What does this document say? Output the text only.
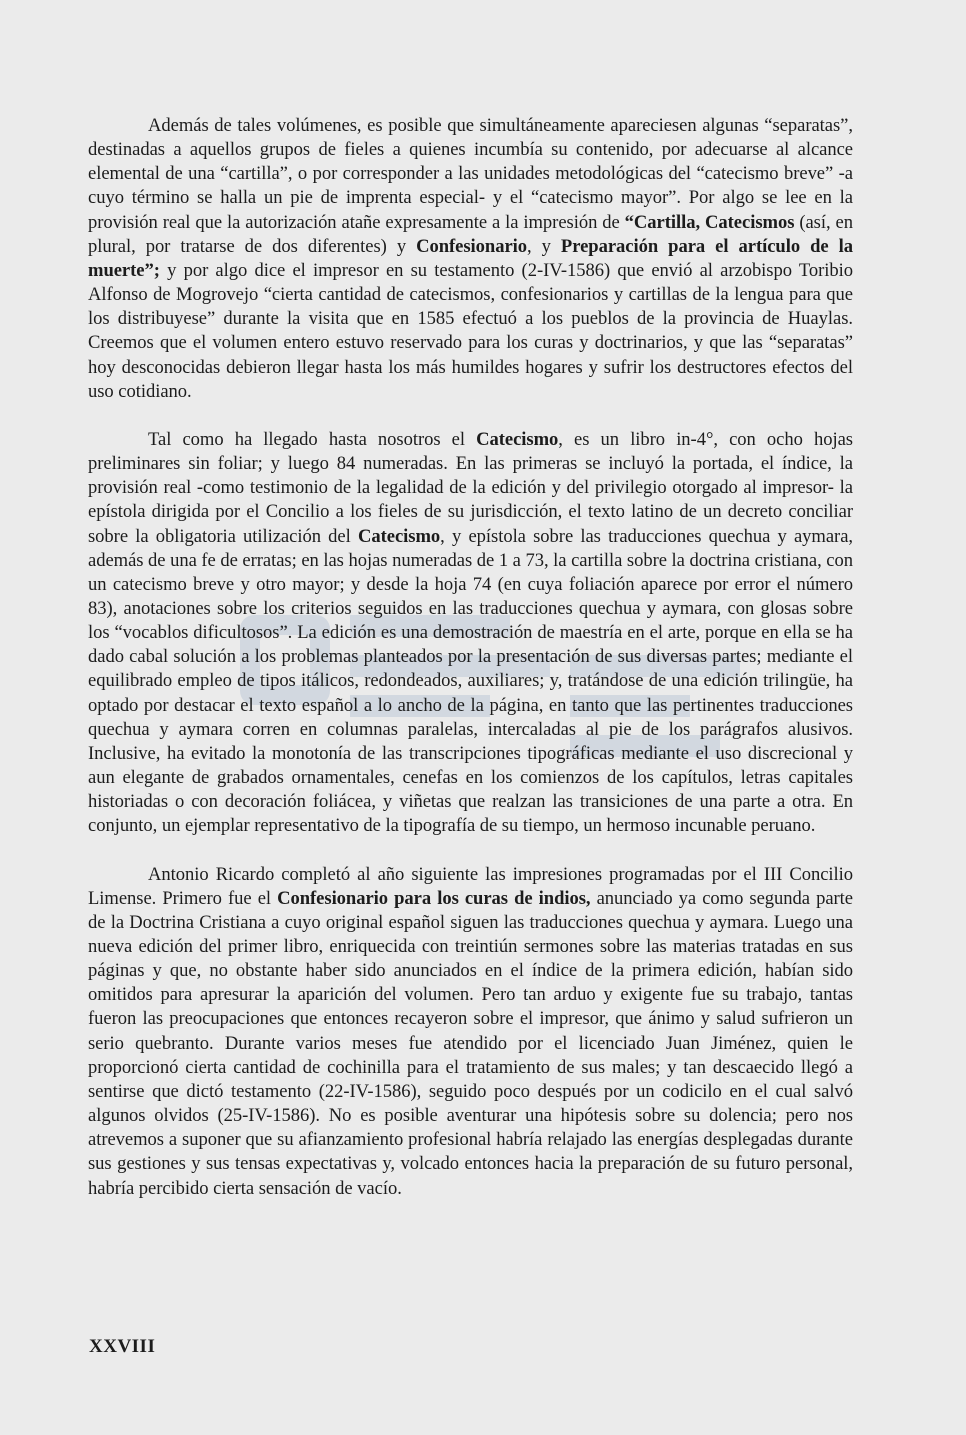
Además de tales volúmenes, es posible que simultáneamente apareciesen algunas “separatas”, destinadas a aquellos grupos de fieles a quienes incumbía su contenido, por adecuarse al alcance elemental de una “cartilla”, o por corresponder a las unidades metodológicas del “catecismo breve” -a cuyo término se halla un pie de imprenta especial- y el “catecismo mayor”. Por algo se lee en la provisión real que la autorización atañe expresamente a la impresión de “Cartilla, Catecismos (así, en plural, por tratarse de dos diferentes) y Confesionario, y Preparación para el artículo de la muerte”; y por algo dice el impresor en su testamento (2-IV-1586) que envió al arzobispo Toribio Alfonso de Mogrovejo “cierta cantidad de catecismos, confesionarios y cartillas de la lengua para que los distribuyese” durante la visita que en 1585 efectuó a los pueblos de la provincia de Huaylas. Creemos que el volumen entero estuvo reservado para los curas y doctrinarios, y que las “separatas” hoy desconocidas debieron llegar hasta los más humildes hogares y sufrir los destructores efectos del uso cotidiano.

Tal como ha llegado hasta nosotros el Catecismo, es un libro in-4°, con ocho hojas preliminares sin foliar; y luego 84 numeradas. En las primeras se incluyó la portada, el índice, la provisión real -como testimonio de la legalidad de la edición y del privilegio otorgado al impresor- la epístola dirigida por el Concilio a los fieles de su jurisdicción, el texto latino de un decreto conciliar sobre la obligatoria utilización del Catecismo, y epístola sobre las traducciones quechua y aymara, además de una fe de erratas; en las hojas numeradas de 1 a 73, la cartilla sobre la doctrina cristiana, con un catecismo breve y otro mayor; y desde la hoja 74 (en cuya foliación aparece por error el número 83), anotaciones sobre los criterios seguidos en las traducciones quechua y aymara, con glosas sobre los “vocablos dificultosos”. La edición es una demostración de maestría en el arte, porque en ella se ha dado cabal solución a los problemas planteados por la presentación de sus diversas partes; mediante el equilibrado empleo de tipos itálicos, redondeados, auxiliares; y, tratándose de una edición trilingüe, ha optado por destacar el texto español a lo ancho de la página, en tanto que las pertinentes traducciones quechua y aymara corren en columnas paralelas, intercaladas al pie de los parágrafos alusivos. Inclusive, ha evitado la monotonía de las transcripciones tipográficas mediante el uso discrecional y aun elegante de grabados ornamentales, cenefas en los comienzos de los capítulos, letras capitales historiadas o con decoración foliácea, y viñetas que realzan las transiciones de una parte a otra. En conjunto, un ejemplar representativo de la tipografía de su tiempo, un hermoso incunable peruano.

Antonio Ricardo completó al año siguiente las impresiones programadas por el III Concilio Limense. Primero fue el Confesionario para los curas de indios, anunciado ya como segunda parte de la Doctrina Cristiana a cuyo original español siguen las traducciones quechua y aymara. Luego una nueva edición del primer libro, enriquecida con treintiún sermones sobre las materias tratadas en sus páginas y que, no obstante haber sido anunciados en el índice de la primera edición, habían sido omitidos para apresurar la aparición del volumen. Pero tan arduo y exigente fue su trabajo, tantas fueron las preocupaciones que entonces recayeron sobre el impresor, que ánimo y salud sufrieron un serio quebranto. Durante varios meses fue atendido por el licenciado Juan Jiménez, quien le proporcionó cierta cantidad de cochinilla para el tratamiento de sus males; y tan descaecido llegó a sentirse que dictó testamento (22-IV-1586), seguido poco después por un codicilo en el cual salvó algunos olvidos (25-IV-1586). No es posible aventurar una hipótesis sobre su dolencia; pero nos atrevemos a suponer que su afianzamiento profesional habría relajado las energías desplegadas durante sus gestiones y sus tensas expectativas y, volcado entonces hacia la preparación de su futuro personal, habría percibido cierta sensación de vacío.

XXVIII
